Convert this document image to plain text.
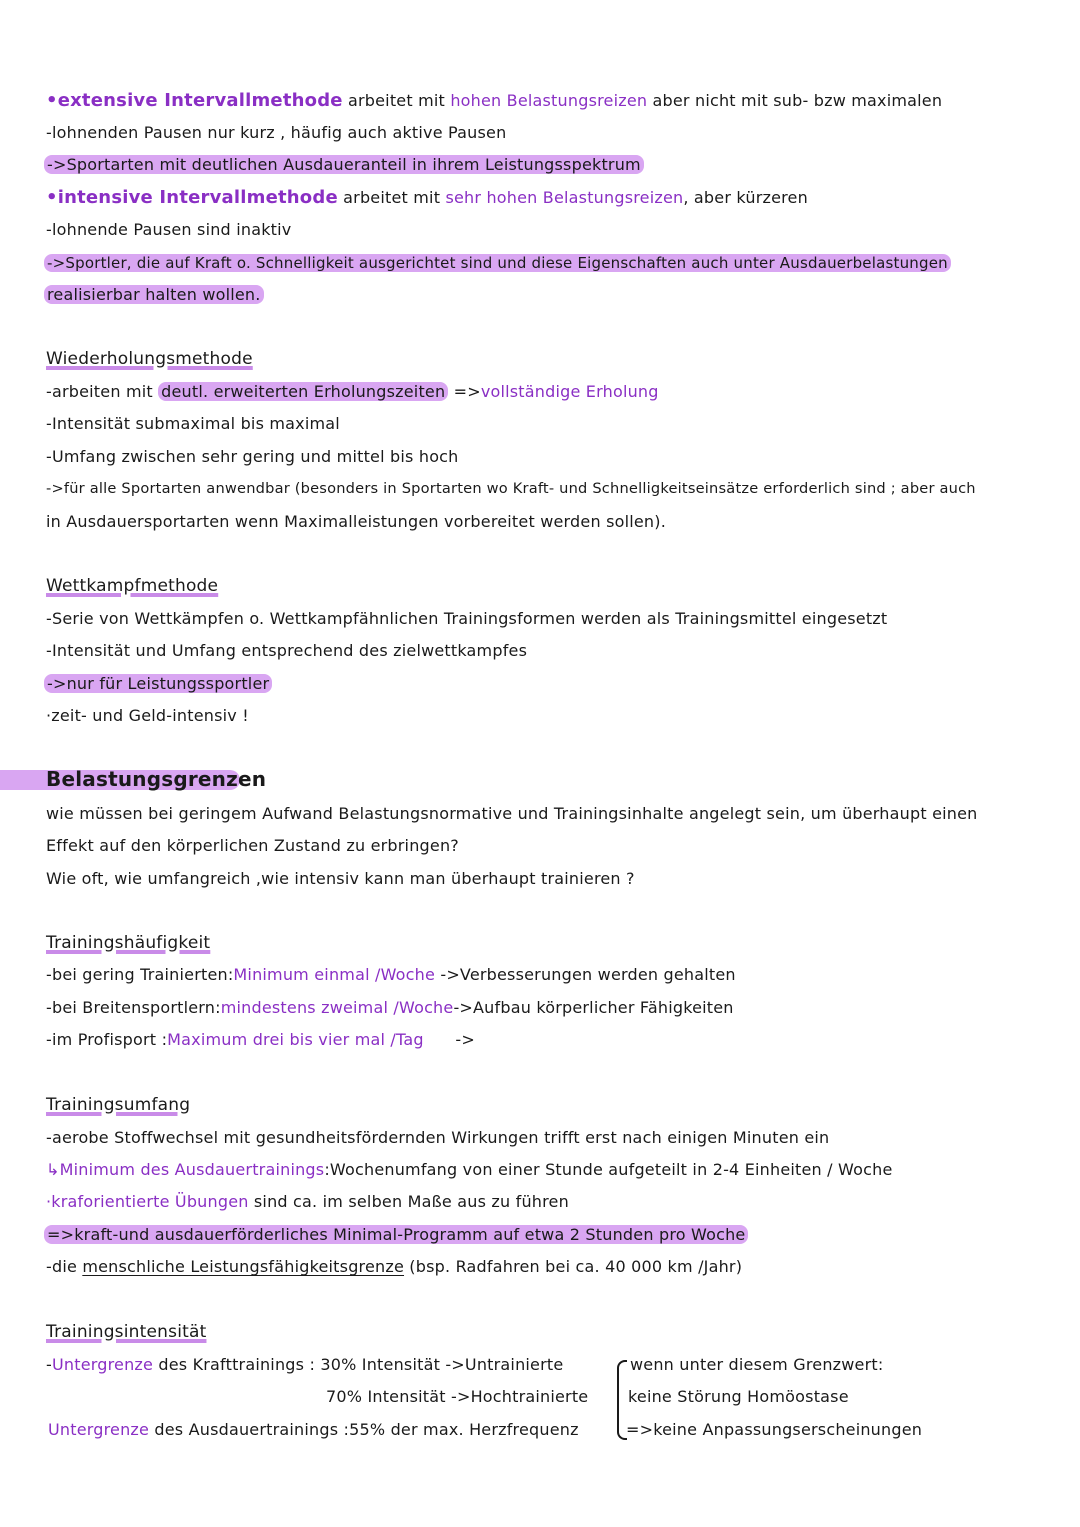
•extensive Intervallmethode arbeitet mit hohen Belastungsreizen aber nicht mit sub- bzw maximalen
-lohnenden Pausen nur kurz , häufig auch aktive Pausen
->Sportarten mit deutlichen Ausdaueranteil in ihrem Leistungsspektrum
•intensive Intervallmethode arbeitet mit sehr hohen Belastungsreizen, aber kürzeren
-lohnende Pausen sind inaktiv
->Sportler, die auf Kraft o. Schnelligkeit ausgerichtet sind und diese Eigenschaften auch unter Ausdauerbelastungen
realisierbar halten wollen.
Wiederholungsmethode
-arbeiten mit deutl. erweiterten Erholungszeiten =>vollständige Erholung
-Intensität submaximal bis maximal
-Umfang zwischen sehr gering und mittel bis hoch
->für alle Sportarten anwendbar (besonders in Sportarten wo Kraft- und Schnelligkeitseinsätze erforderlich sind ; aber auch
in Ausdauersportarten wenn Maximalleistungen vorbereitet werden sollen).
Wettkampfmethode
-Serie von Wettkämpfen o. Wettkampfähnlichen Trainingsformen werden als Trainingsmittel eingesetzt
-Intensität und Umfang entsprechend des zielwettkampfes
->nur für Leistungssportler
·zeit- und Geld-intensiv !
Belastungsgrenzen
wie müssen bei geringem Aufwand Belastungsnormative und Trainingsinhalte angelegt sein, um überhaupt einen
Effekt auf den körperlichen Zustand zu erbringen?
Wie oft, wie umfangreich ,wie intensiv kann man überhaupt trainieren ?
Trainingshäufigkeit
-bei gering Trainierten:Minimum einmal /Woche ->Verbesserungen werden gehalten
-bei Breitensportlern:mindestens zweimal /Woche->Aufbau körperlicher Fähigkeiten
-im Profisport :Maximum drei bis vier mal /Tag      ->
Trainingsumfang
-aerobe Stoffwechsel mit gesundheitsfördernden Wirkungen trifft erst nach einigen Minuten ein
↳Minimum des Ausdauertrainings:Wochenumfang von einer Stunde aufgeteilt in 2-4 Einheiten / Woche
·kraforientierte Übungen sind ca. im selben Maße aus zu führen
=>kraft-und ausdauerförderliches Minimal-Programm auf etwa 2 Stunden pro Woche
-die menschliche Leistungsfähigkeitsgrenze (bsp. Radfahren bei ca. 40 000 km /Jahr)
Trainingsintensität
-Untergrenze des Krafttrainings : 30% Intensität ->Untrainierte
70% Intensität ->Hochtrainierte
Untergrenze des Ausdauertrainings :55% der max. Herzfrequenz
wenn unter diesem Grenzwert:
keine Störung Homöostase
=>keine Anpassungserscheinungen
